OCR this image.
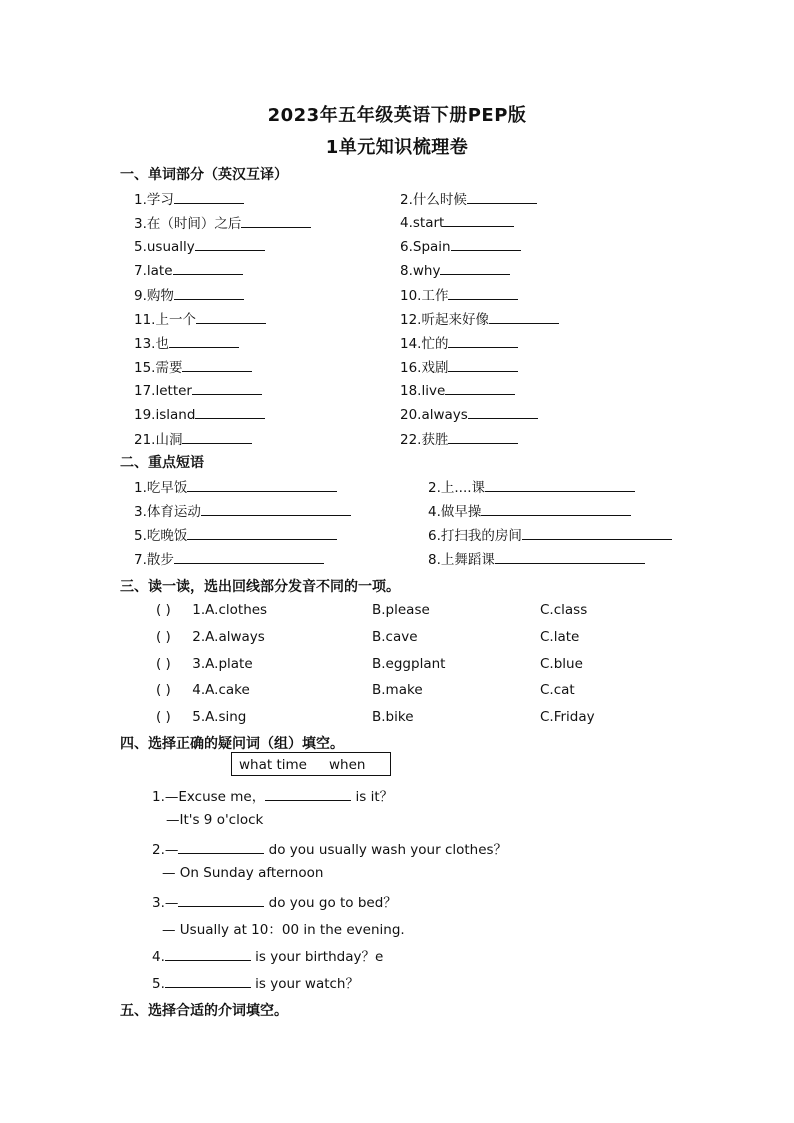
2023年五年级英语下册PEP版
1单元知识梳理卷
一、单词部分（英汉互译）
1.学习	2.什么时候
3.在（时间）之后	4.start
5.usually	6.Spain
7.late	8.why
9.购物	10.工作
11.上一个	12.听起来好像
13.也	14.忙的
15.需要	16.戏剧
17.letter	18.live
19.island	20.always
21.山洞	22.获胜
二、重点短语
1.吃早饭	2.上....课
3.体育运动	4.做早操
5.吃晚饭	6.打扫我的房间
7.散步	8.上舞蹈课
三、读一读，选出回线部分发音不同的一项。
( ) 1.A.clothes	B.please	C.class
( ) 2.A.always	B.cave	C.late
( ) 3.A.plate	B.eggplant	C.blue
( ) 4.A.cake	B.make	C.cat
( ) 5.A.sing	B.bike	C.Friday
四、选择正确的疑问词（组）填空。
what time when
1.—Excuse me，	is it？
—It's 9 o'clock
2.—	do you usually wash your clothes？
— On Sunday afternoon
3.—	do you go to bed？
— Usually at 10：00 in the evening.
4.	is your birthday？e
5.	is your watch？
五、选择合适的介词填空。
